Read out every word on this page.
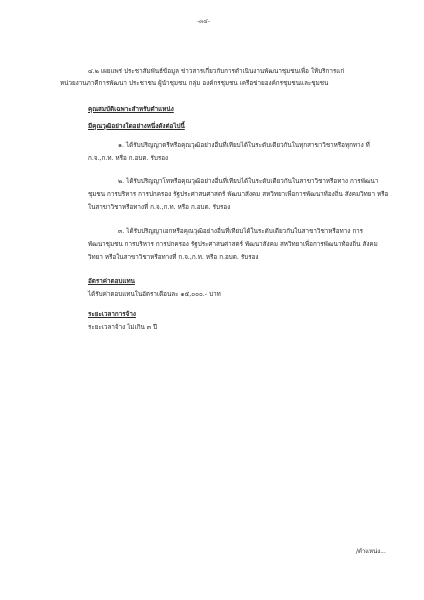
-๓๔-
๔.๒ เผยแพร่ ประชาสัมพันธ์ข้อมูล ข่าวสารเกี่ยวกับการดำเนินงานพัฒนาชุมชนเพื่อ ให้บริการแก่
หน่วยงานภาคีการพัฒนา ประชาชน ผู้นำชุมชน กลุ่ม องค์กรชุมชน เครือข่ายองค์กรชุมชนและชุมชน
คุณสมบัติเฉพาะสำหรับตำแหน่ง
มีคุณวุฒิอย่างใดอย่างหนึ่งดังต่อไปนี้
๑. ได้รับปริญญาตรีหรือคุณวุฒิอย่างอื่นที่เทียบได้ในระดับเดียวกันในทุกสาขาวิชาหรือทุกทาง ที่
ก.จ.,ก.ท. หรือ ก.อบต. รับรอง
๒. ได้รับปริญญาโทหรือคุณวุฒิอย่างอื่นที่เทียบได้ในระดับเดียวกันในสาขาวิชาหรือทาง การพัฒนา
ชุมชน การบริหาร การปกครอง รัฐประศาสนศาสตร์ พัฒนาสังคม สหวิทยาเพื่อการพัฒนาท้องถิ่น สังคมวิทยา หรือ
ในสาขาวิชาหรือทางที่ ก.จ.,ก.ท. หรือ ก.อบต. รับรอง
๓. ได้รับปริญญาเอกหรือคุณวุฒิอย่างอื่นที่เทียบได้ในระดับเดียวกันในสาขาวิชาหรือทาง การ
พัฒนาชุมชน การบริหาร การปกครอง รัฐประศาสนศาสตร์ พัฒนาสังคม สหวิทยาเพื่อการพัฒนาท้องถิ่น สังคม
วิทยา หรือในสาขาวิชาหรือทางที่ ก.จ.,ก.ท. หรือ ก.อบต. รับรอง
อัตราค่าตอบแทน
ได้รับค่าตอบแทนในอัตราเดือนละ ๑๕,๐๐๐.- บาท
ระยะเวลาการจ้าง
ระยะเวลาจ้าง ไม่เกิน ๓ ปี
/ตำแหน่ง...
